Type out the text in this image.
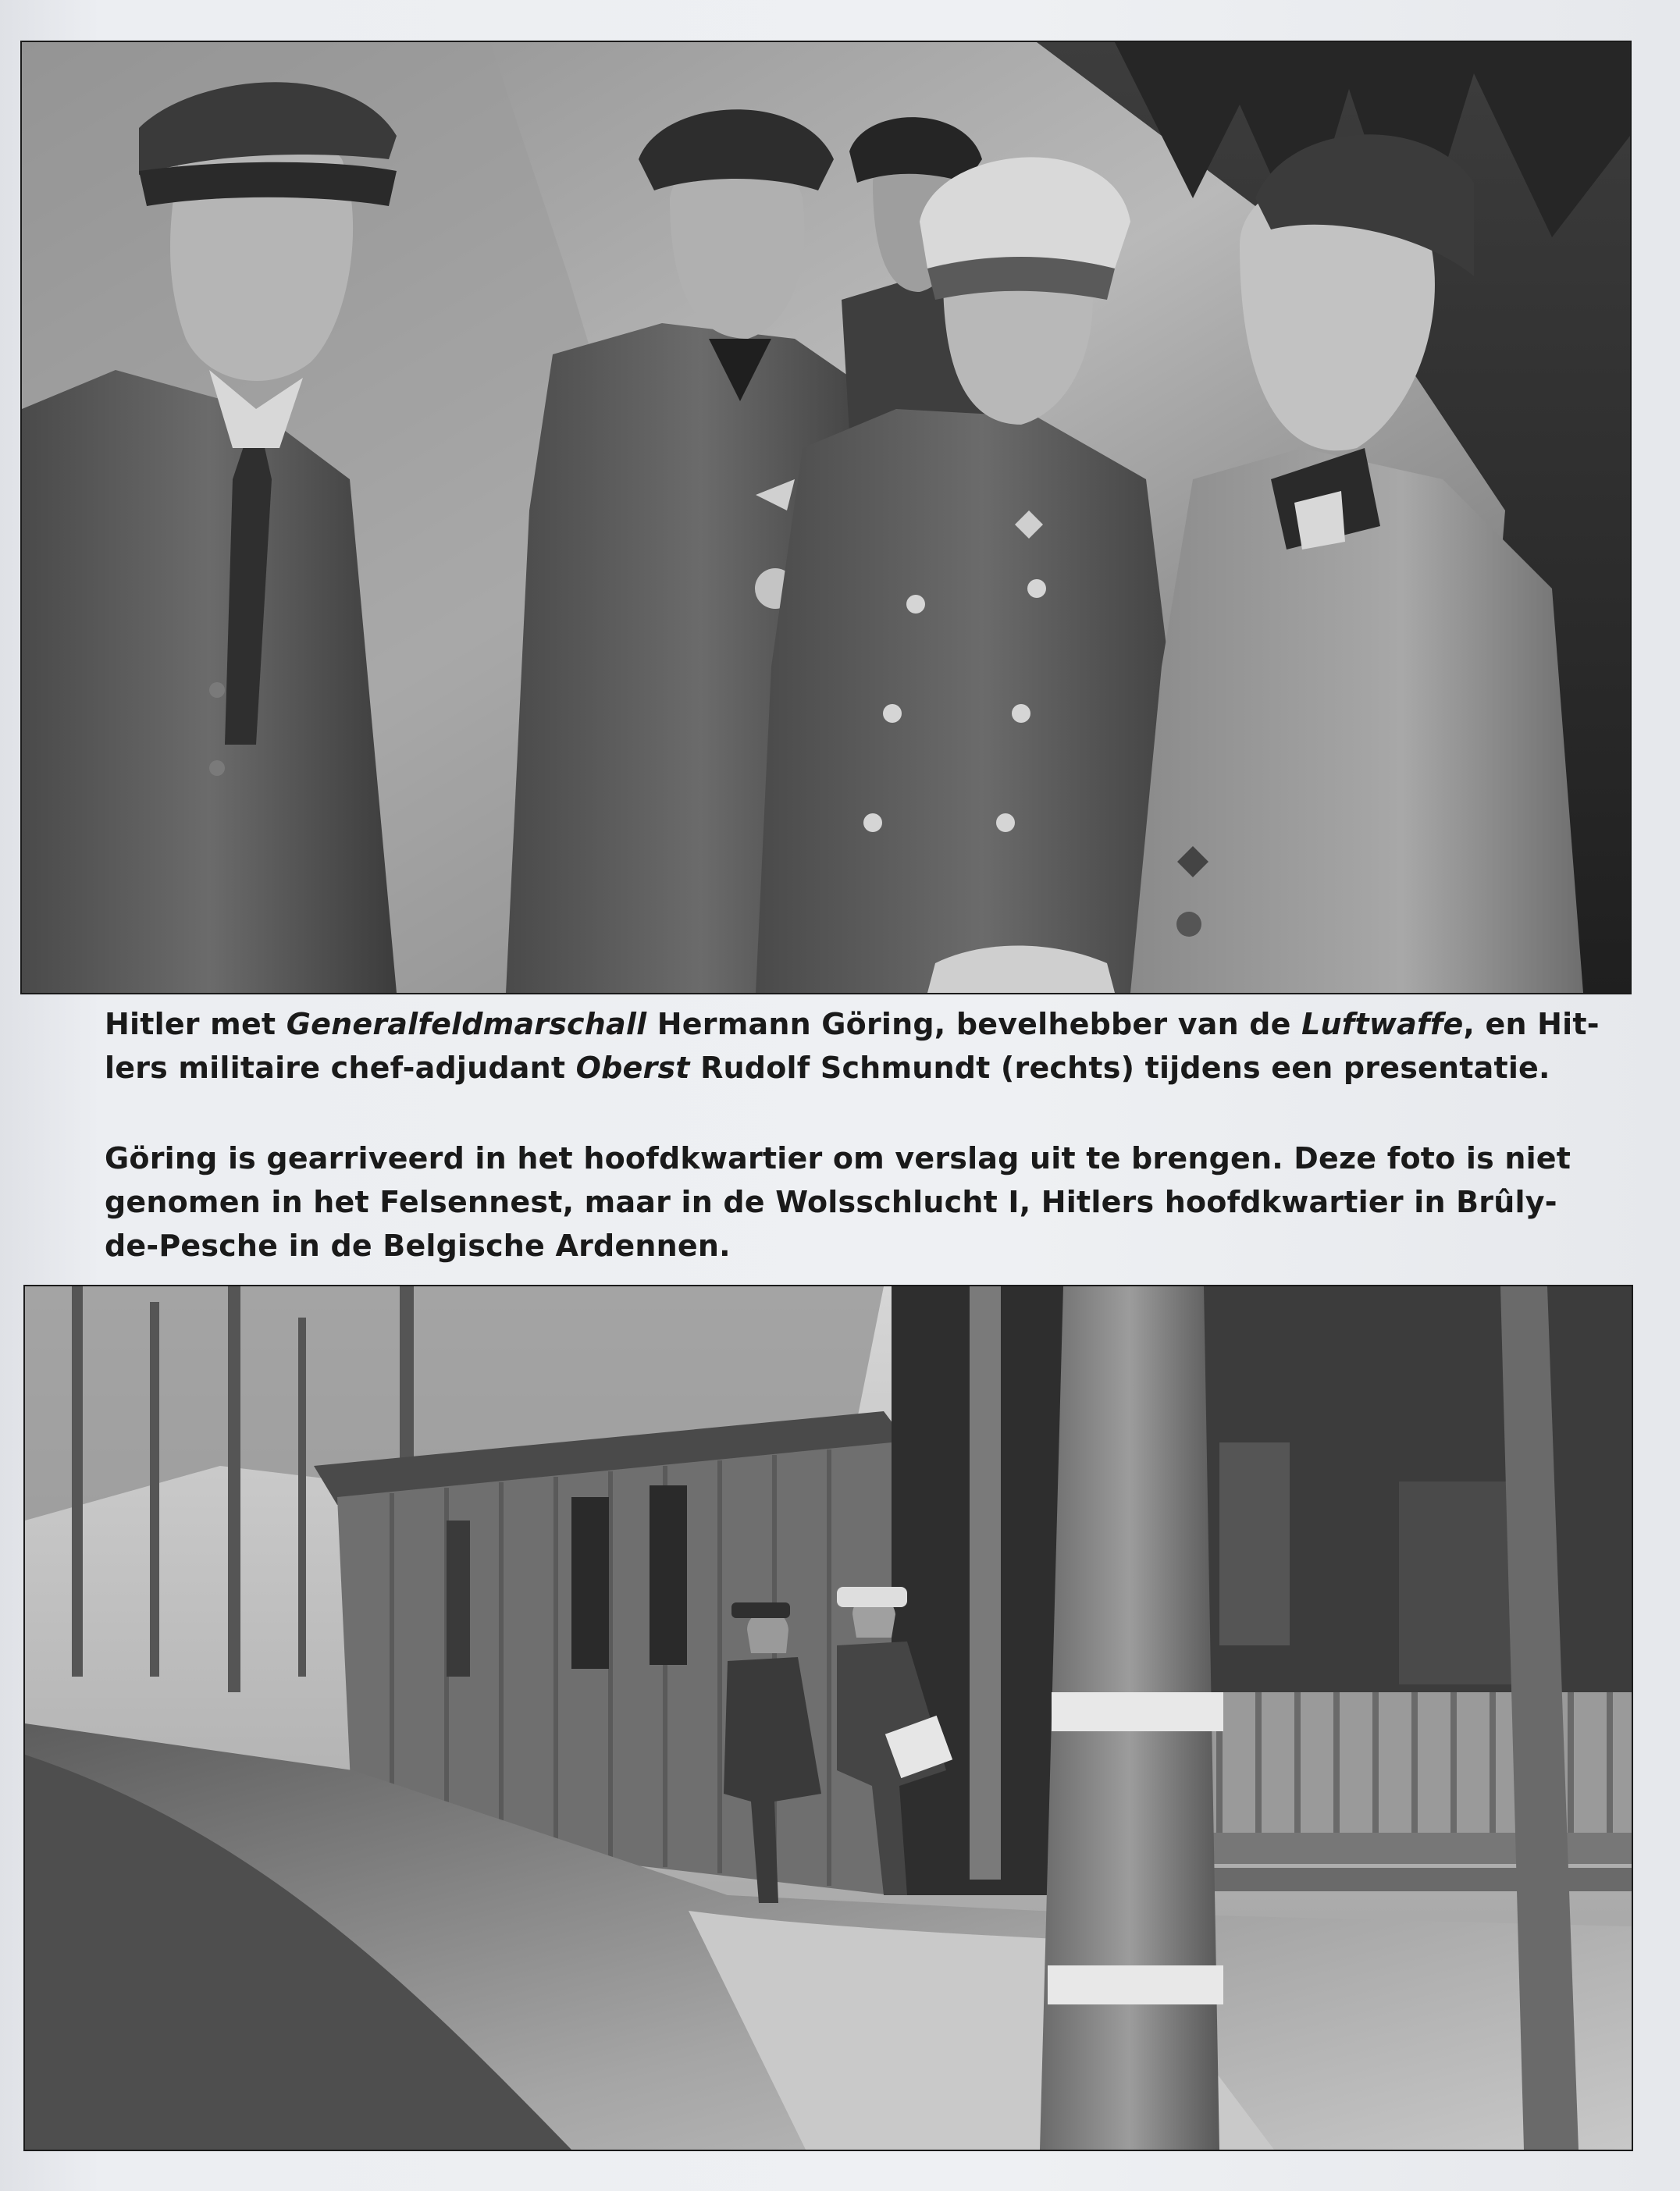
Hitler met Generalfeldmarschall Hermann Göring, bevelhebber van de Luftwaffe, en Hit-
lers militaire chef-adjudant Oberst Rudolf Schmundt (rechts) tijdens een presentatie.
Göring is gearriveerd in het hoofdkwartier om verslag uit te brengen. Deze foto is niet
genomen in het Felsennest, maar in de Wolsschlucht I, Hitlers hoofdkwartier in Brûly-
de-Pesche in de Belgische Ardennen.
